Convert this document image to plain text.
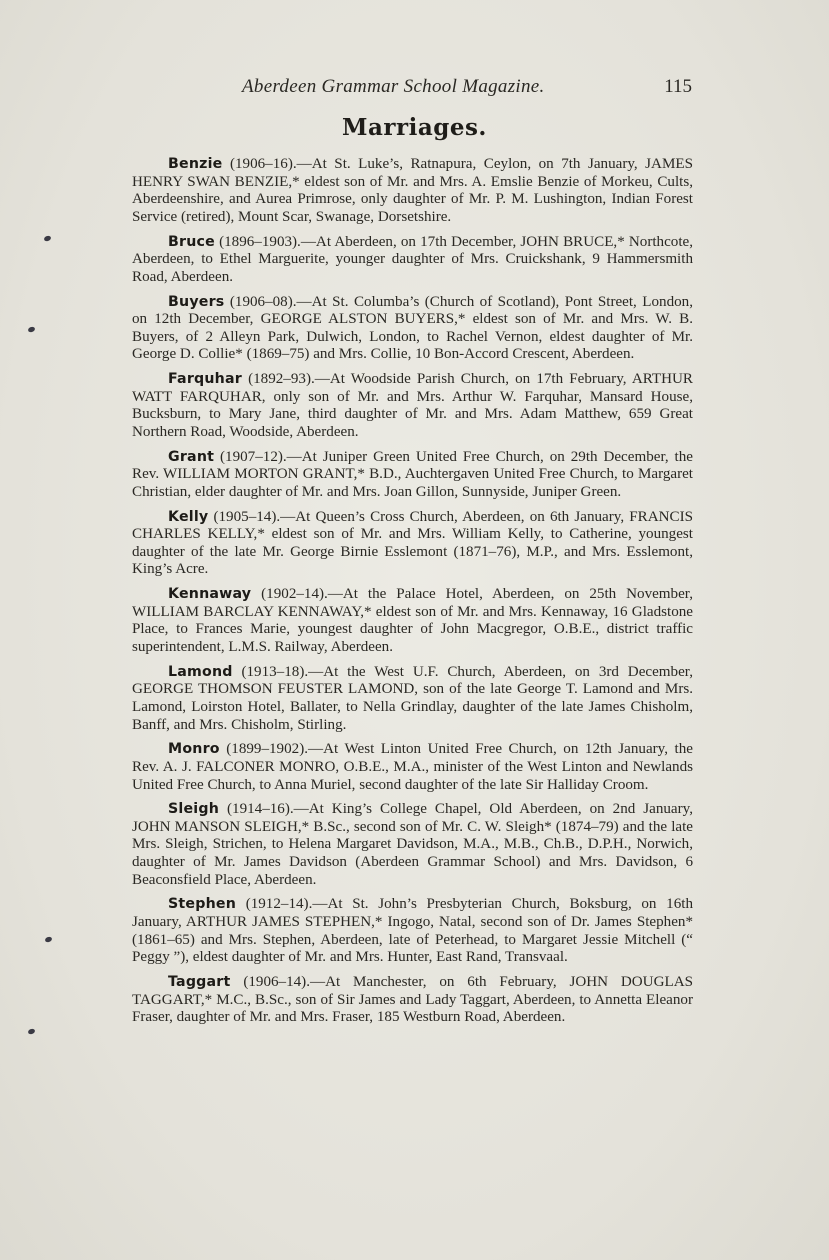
Aberdeen Grammar School Magazine.	115
Marriages.

Benzie (1906–16).—At St. Luke’s, Ratnapura, Ceylon, on 7th January, JAMES HENRY SWAN BENZIE,* eldest son of Mr. and Mrs. A. Emslie Benzie of Morkeu, Cults, Aberdeenshire, and Aurea Primrose, only daughter of Mr. P. M. Lushington, Indian Forest Service (retired), Mount Scar, Swanage, Dorsetshire.

Bruce (1896–1903).—At Aberdeen, on 17th December, JOHN BRUCE,* Northcote, Aberdeen, to Ethel Marguerite, younger daughter of Mrs. Cruickshank, 9 Hammersmith Road, Aberdeen.

Buyers (1906–08).—At St. Columba’s (Church of Scotland), Pont Street, London, on 12th December, GEORGE ALSTON BUYERS,* eldest son of Mr. and Mrs. W. B. Buyers, of 2 Alleyn Park, Dulwich, London, to Rachel Vernon, eldest daughter of Mr. George D. Collie* (1869–75) and Mrs. Collie, 10 Bon-Accord Crescent, Aberdeen.

Farquhar (1892–93).—At Woodside Parish Church, on 17th February, ARTHUR WATT FARQUHAR, only son of Mr. and Mrs. Arthur W. Farquhar, Mansard House, Bucksburn, to Mary Jane, third daughter of Mr. and Mrs. Adam Matthew, 659 Great Northern Road, Woodside, Aberdeen.

Grant (1907–12).—At Juniper Green United Free Church, on 29th December, the Rev. WILLIAM MORTON GRANT,* B.D., Auchtergaven United Free Church, to Margaret Christian, elder daughter of Mr. and Mrs. Joan Gillon, Sunnyside, Juniper Green.

Kelly (1905–14).—At Queen’s Cross Church, Aberdeen, on 6th January, FRANCIS CHARLES KELLY,* eldest son of Mr. and Mrs. William Kelly, to Catherine, youngest daughter of the late Mr. George Birnie Esslemont (1871–76), M.P., and Mrs. Esslemont, King’s Acre.

Kennaway (1902–14).—At the Palace Hotel, Aberdeen, on 25th November, WILLIAM BARCLAY KENNAWAY,* eldest son of Mr. and Mrs. Kennaway, 16 Gladstone Place, to Frances Marie, youngest daughter of John Macgregor, O.B.E., district traffic superintendent, L.M.S. Railway, Aberdeen.

Lamond (1913–18).—At the West U.F. Church, Aberdeen, on 3rd December, GEORGE THOMSON FEUSTER LAMOND, son of the late George T. Lamond and Mrs. Lamond, Loirston Hotel, Ballater, to Nella Grindlay, daughter of the late James Chisholm, Banff, and Mrs. Chisholm, Stirling.

Monro (1899–1902).—At West Linton United Free Church, on 12th January, the Rev. A. J. FALCONER MONRO, O.B.E., M.A., minister of the West Linton and Newlands United Free Church, to Anna Muriel, second daughter of the late Sir Halliday Croom.

Sleigh (1914–16).—At King’s College Chapel, Old Aberdeen, on 2nd January, JOHN MANSON SLEIGH,* B.Sc., second son of Mr. C. W. Sleigh* (1874–79) and the late Mrs. Sleigh, Strichen, to Helena Margaret Davidson, M.A., M.B., Ch.B., D.P.H., Norwich, daughter of Mr. James Davidson (Aberdeen Grammar School) and Mrs. Davidson, 6 Beaconsfield Place, Aberdeen.

Stephen (1912–14).—At St. John’s Presbyterian Church, Boksburg, on 16th January, ARTHUR JAMES STEPHEN,* Ingogo, Natal, second son of Dr. James Stephen* (1861–65) and Mrs. Stephen, Aberdeen, late of Peterhead, to Margaret Jessie Mitchell (“ Peggy ”), eldest daughter of Mr. and Mrs. Hunter, East Rand, Transvaal.

Taggart (1906–14).—At Manchester, on 6th February, JOHN DOUGLAS TAGGART,* M.C., B.Sc., son of Sir James and Lady Taggart, Aberdeen, to Annetta Eleanor Fraser, daughter of Mr. and Mrs. Fraser, 185 Westburn Road, Aberdeen.
